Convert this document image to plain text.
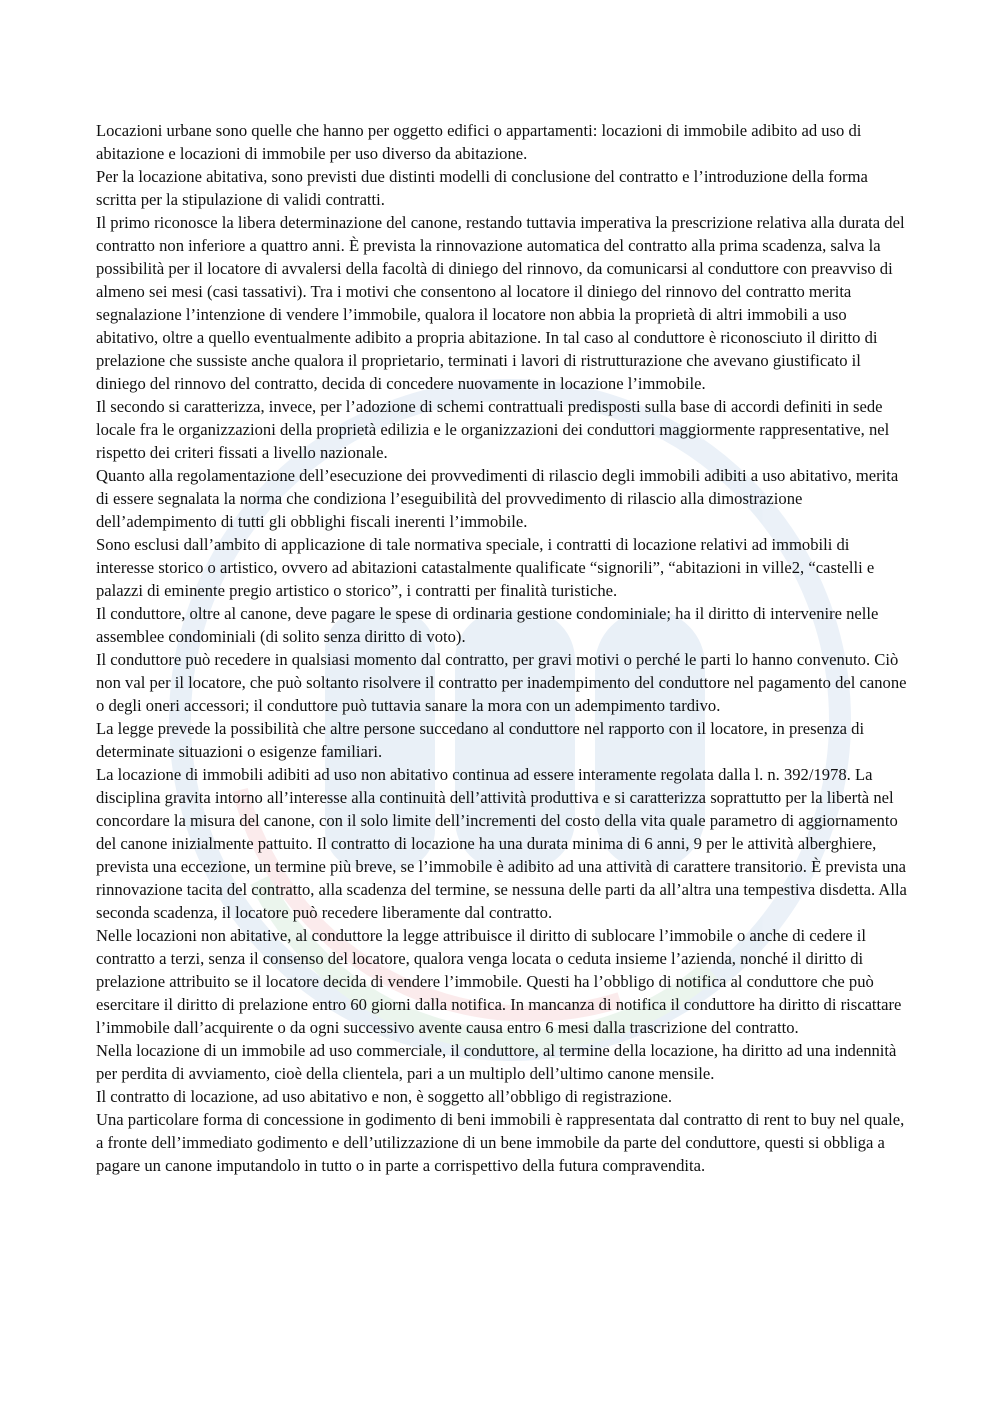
Locazioni urbane sono quelle che hanno per oggetto edifici o appartamenti: locazioni di immobile adibito ad uso di abitazione e locazioni di immobile per uso diverso da abitazione.

Per la locazione abitativa, sono previsti due distinti modelli di conclusione del contratto e l’introduzione della forma scritta per la stipulazione di validi contratti.

Il primo riconosce la libera determinazione del canone, restando tuttavia imperativa la prescrizione relativa alla durata del contratto non inferiore a quattro anni. È prevista la rinnovazione automatica del contratto alla prima scadenza, salva la possibilità per il locatore di avvalersi della facoltà di diniego del rinnovo, da comunicarsi al conduttore con preavviso di almeno sei mesi (casi tassativi). Tra i motivi che consentono al locatore il diniego del rinnovo del contratto merita segnalazione l’intenzione di vendere l’immobile, qualora il locatore non abbia la proprietà di altri immobili a uso abitativo, oltre a quello eventualmente adibito a propria abitazione. In tal caso al conduttore è riconosciuto il diritto di prelazione che sussiste anche qualora il proprietario, terminati i lavori di ristrutturazione che avevano giustificato il diniego del rinnovo del contratto, decida di concedere nuovamente in locazione l’immobile.

Il secondo si caratterizza, invece, per l’adozione di schemi contrattuali predisposti sulla base di accordi definiti in sede locale fra le organizzazioni della proprietà edilizia e le organizzazioni dei conduttori maggiormente rappresentative, nel rispetto dei criteri fissati a livello nazionale.

Quanto alla regolamentazione dell’esecuzione dei provvedimenti di rilascio degli immobili adibiti a uso abitativo, merita di essere segnalata la norma che condiziona l’eseguibilità del provvedimento di rilascio alla dimostrazione dell’adempimento di tutti gli obblighi fiscali inerenti l’immobile.

Sono esclusi dall’ambito di applicazione di tale normativa speciale, i contratti di locazione relativi ad immobili di interesse storico o artistico, ovvero ad abitazioni catastalmente qualificate “signorili”, “abitazioni in ville2, “castelli e palazzi di eminente pregio artistico o storico”, i contratti per finalità turistiche.

Il conduttore, oltre al canone, deve pagare le spese di ordinaria gestione condominiale; ha il diritto di intervenire nelle assemblee condominiali (di solito senza diritto di voto).

Il conduttore può recedere in qualsiasi momento dal contratto, per gravi motivi o perché le parti lo hanno convenuto. Ciò non val per il locatore, che può soltanto risolvere il contratto per inadempimento del conduttore nel pagamento del canone o degli oneri accessori; il conduttore può tuttavia sanare la mora con un adempimento tardivo.

La legge prevede la possibilità che altre persone succedano al conduttore nel rapporto con il locatore, in presenza di determinate situazioni o esigenze familiari.

La locazione di immobili adibiti ad uso non abitativo continua ad essere interamente regolata dalla l. n. 392/1978. La disciplina gravita intorno all’interesse alla continuità dell’attività produttiva e si caratterizza soprattutto per la libertà nel concordare la misura del canone, con il solo limite dell’incrementi del costo della vita quale parametro di aggiornamento del canone inizialmente pattuito. Il contratto di locazione ha una durata minima di 6 anni, 9 per le attività alberghiere, prevista una eccezione, un termine più breve, se l’immobile è adibito ad una attività di carattere transitorio. È prevista una rinnovazione tacita del contratto, alla scadenza del termine, se nessuna delle parti da all’altra una tempestiva disdetta. Alla seconda scadenza, il locatore può recedere liberamente dal contratto.

Nelle locazioni non abitative, al conduttore la legge attribuisce il diritto di sublocare l’immobile o anche di cedere il contratto a terzi, senza il consenso del locatore, qualora venga locata o ceduta insieme l’azienda, nonché il diritto di prelazione attribuito se il locatore decida di vendere l’immobile. Questi ha l’obbligo di notifica al conduttore che può esercitare il diritto di prelazione entro 60 giorni dalla notifica. In mancanza di notifica il conduttore ha diritto di riscattare l’immobile dall’acquirente o da ogni successivo avente causa entro 6 mesi dalla trascrizione del contratto.

Nella locazione di un immobile ad uso commerciale, il conduttore, al termine della locazione, ha diritto ad una indennità per perdita di avviamento, cioè della clientela, pari a un multiplo dell’ultimo canone mensile.

Il contratto di locazione, ad uso abitativo e non, è soggetto all’obbligo di registrazione.

Una particolare forma di concessione in godimento di beni immobili è rappresentata dal contratto di rent to buy nel quale, a fronte dell’immediato godimento e dell’utilizzazione di un bene immobile da parte del conduttore, questi si obbliga a pagare un canone imputandolo in tutto o in parte a corrispettivo della futura compravendita.
